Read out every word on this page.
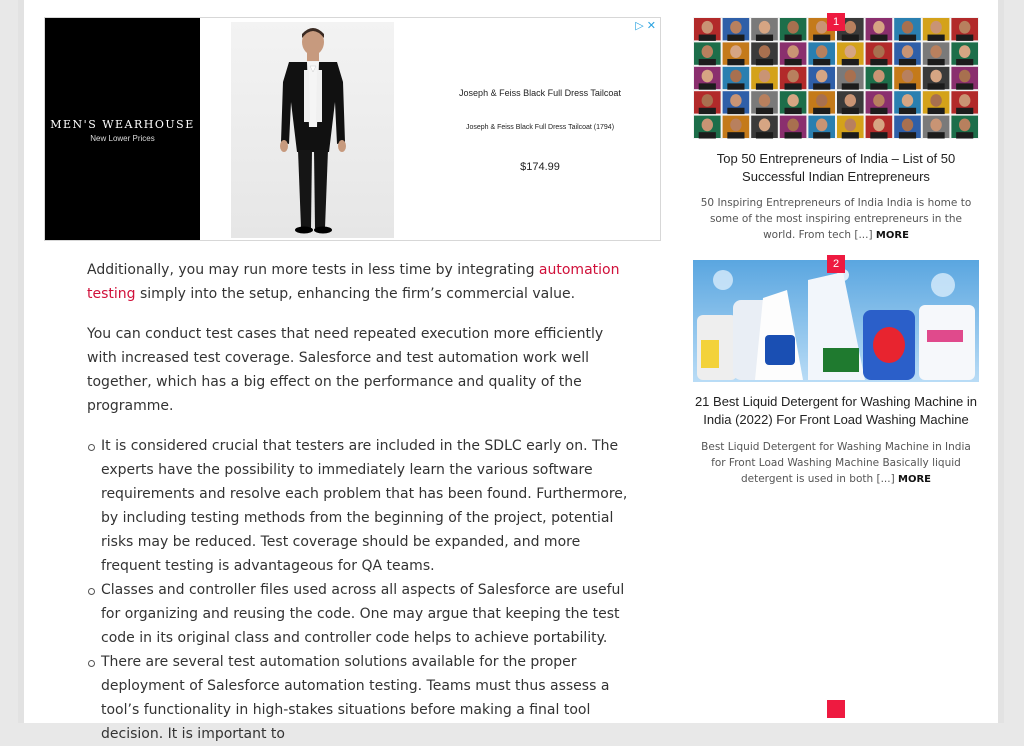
MEN'S WEARHOUSE
New Lower Prices
Joseph & Feiss Black Full Dress Tailcoat
Joseph & Feiss Black Full Dress Tailcoat (1794)
$174.99
▷ ✕

Additionally, you may run more tests in less time by integrating automation testing simply into the setup, enhancing the firm’s commercial value.

You can conduct test cases that need repeated execution more efficiently with increased test coverage. Salesforce and test automation work well together, which has a big effect on the performance and quality of the programme.

It is considered crucial that testers are included in the SDLC early on. The experts have the possibility to immediately learn the various software requirements and resolve each problem that has been found. Furthermore, by including testing methods from the beginning of the project, potential risks may be reduced. Test coverage should be expanded, and more frequent testing is advantageous for QA teams.
Classes and controller files used across all aspects of Salesforce are useful for organizing and reusing the code. One may argue that keeping the test code in its original class and controller code helps to achieve portability.
There are several test automation solutions available for the proper deployment of Salesforce automation testing. Teams must thus assess a tool’s functionality in high-stakes situations before making a final tool decision. It is important to
1
Top 50 Entrepreneurs of India – List of 50 Successful Indian Entrepreneurs
50 Inspiring Entrepreneurs of India India is home to some of the most inspiring entrepreneurs in the world. From tech [...] MORE
2
21 Best Liquid Detergent for Washing Machine in India (2022) For Front Load Washing Machine
Best Liquid Detergent for Washing Machine in India for Front Load Washing Machine Basically liquid detergent is used in both [...] MORE
